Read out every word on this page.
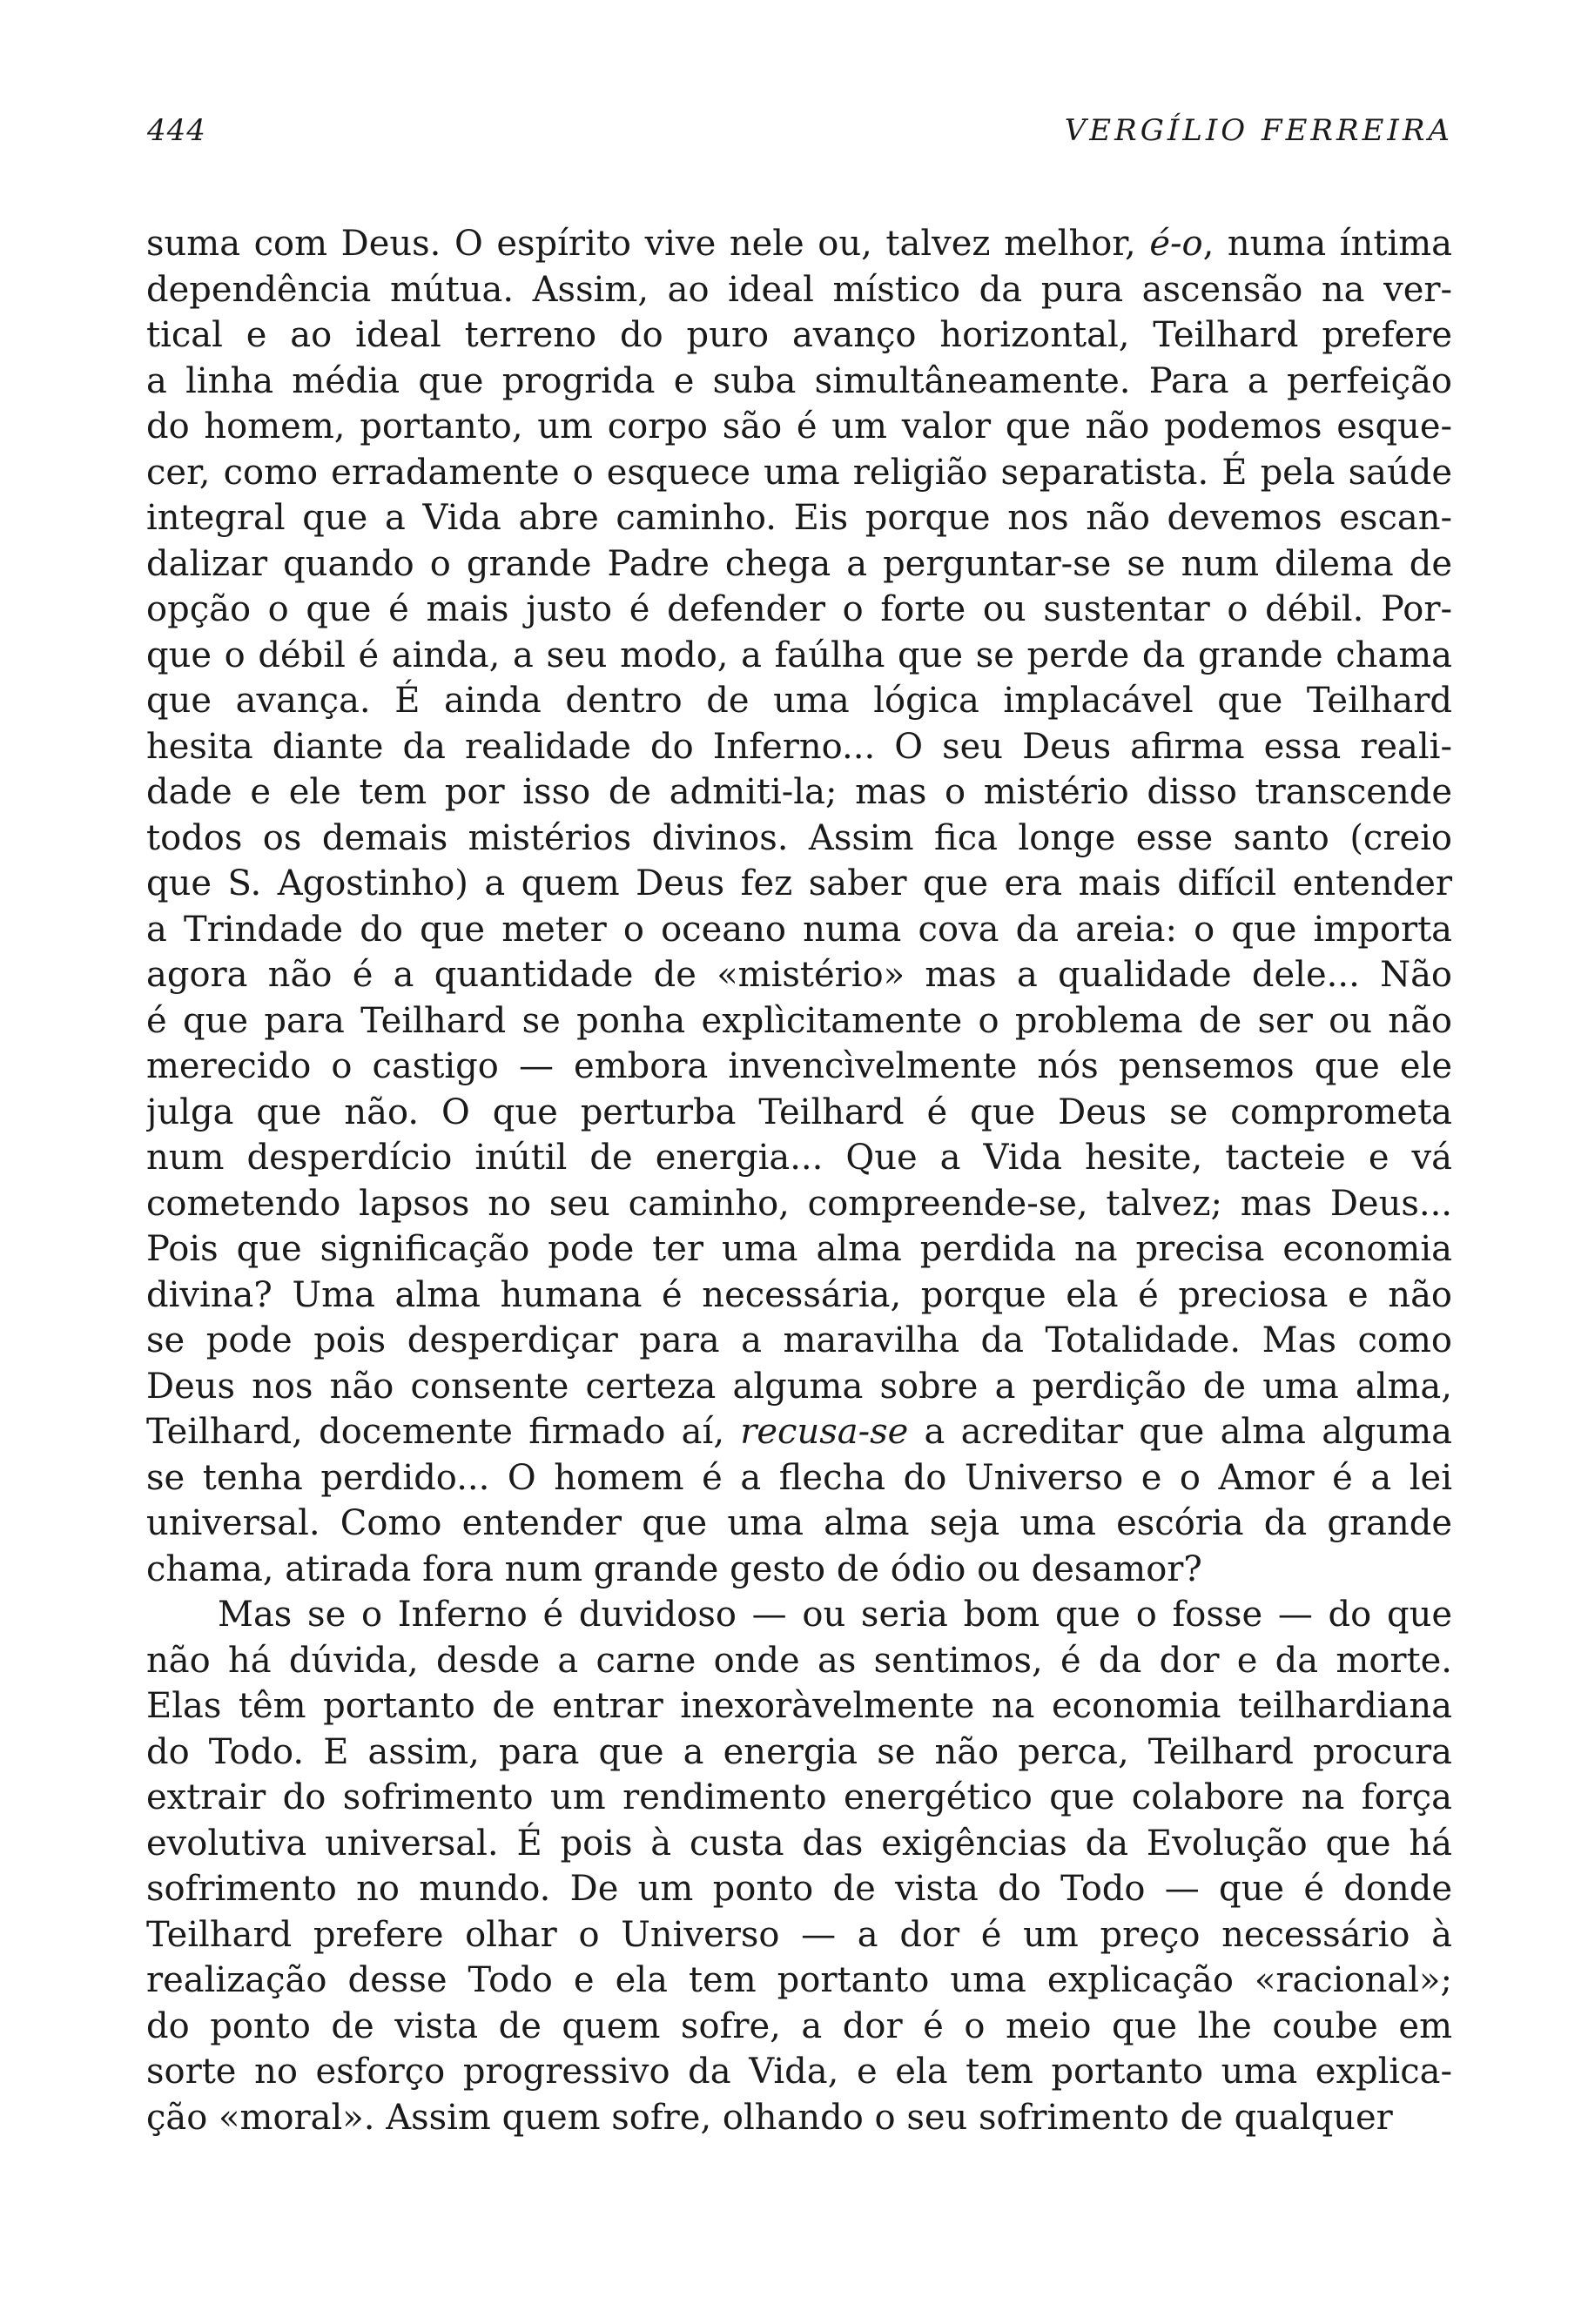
444	VERGÍLIO FERREIRA
suma com Deus. O espírito vive nele ou, talvez melhor, é-o, numa íntima
dependência mútua. Assim, ao ideal místico da pura ascensão na ver-
tical e ao ideal terreno do puro avanço horizontal, Teilhard prefere
a linha média que progrida e suba simultâneamente. Para a perfeição
do homem, portanto, um corpo são é um valor que não podemos esque-
cer, como erradamente o esquece uma religião separatista. É pela saúde
integral que a Vida abre caminho. Eis porque nos não devemos escan-
dalizar quando o grande Padre chega a perguntar-se se num dilema de
opção o que é mais justo é defender o forte ou sustentar o débil. Por-
que o débil é ainda, a seu modo, a faúlha que se perde da grande chama
que avança. É ainda dentro de uma lógica implacável que Teilhard
hesita diante da realidade do Inferno... O seu Deus afirma essa reali-
dade e ele tem por isso de admiti-la; mas o mistério disso transcende
todos os demais mistérios divinos. Assim fica longe esse santo (creio
que S. Agostinho) a quem Deus fez saber que era mais difícil entender
a Trindade do que meter o oceano numa cova da areia: o que importa
agora não é a quantidade de «mistério» mas a qualidade dele... Não
é que para Teilhard se ponha explìcitamente o problema de ser ou não
merecido o castigo — embora invencìvelmente nós pensemos que ele
julga que não. O que perturba Teilhard é que Deus se comprometa
num desperdício inútil de energia... Que a Vida hesite, tacteie e vá
cometendo lapsos no seu caminho, compreende-se, talvez; mas Deus...
Pois que significação pode ter uma alma perdida na precisa economia
divina? Uma alma humana é necessária, porque ela é preciosa e não
se pode pois desperdiçar para a maravilha da Totalidade. Mas como
Deus nos não consente certeza alguma sobre a perdição de uma alma,
Teilhard, docemente firmado aí, recusa-se a acreditar que alma alguma
se tenha perdido... O homem é a flecha do Universo e o Amor é a lei
universal. Como entender que uma alma seja uma escória da grande
chama, atirada fora num grande gesto de ódio ou desamor?
Mas se o Inferno é duvidoso — ou seria bom que o fosse — do que
não há dúvida, desde a carne onde as sentimos, é da dor e da morte.
Elas têm portanto de entrar inexoràvelmente na economia teilhardiana
do Todo. E assim, para que a energia se não perca, Teilhard procura
extrair do sofrimento um rendimento energético que colabore na força
evolutiva universal. É pois à custa das exigências da Evolução que há
sofrimento no mundo. De um ponto de vista do Todo — que é donde
Teilhard prefere olhar o Universo — a dor é um preço necessário à
realização desse Todo e ela tem portanto uma explicação «racional»;
do ponto de vista de quem sofre, a dor é o meio que lhe coube em
sorte no esforço progressivo da Vida, e ela tem portanto uma explica-
ção «moral». Assim quem sofre, olhando o seu sofrimento de qualquer
